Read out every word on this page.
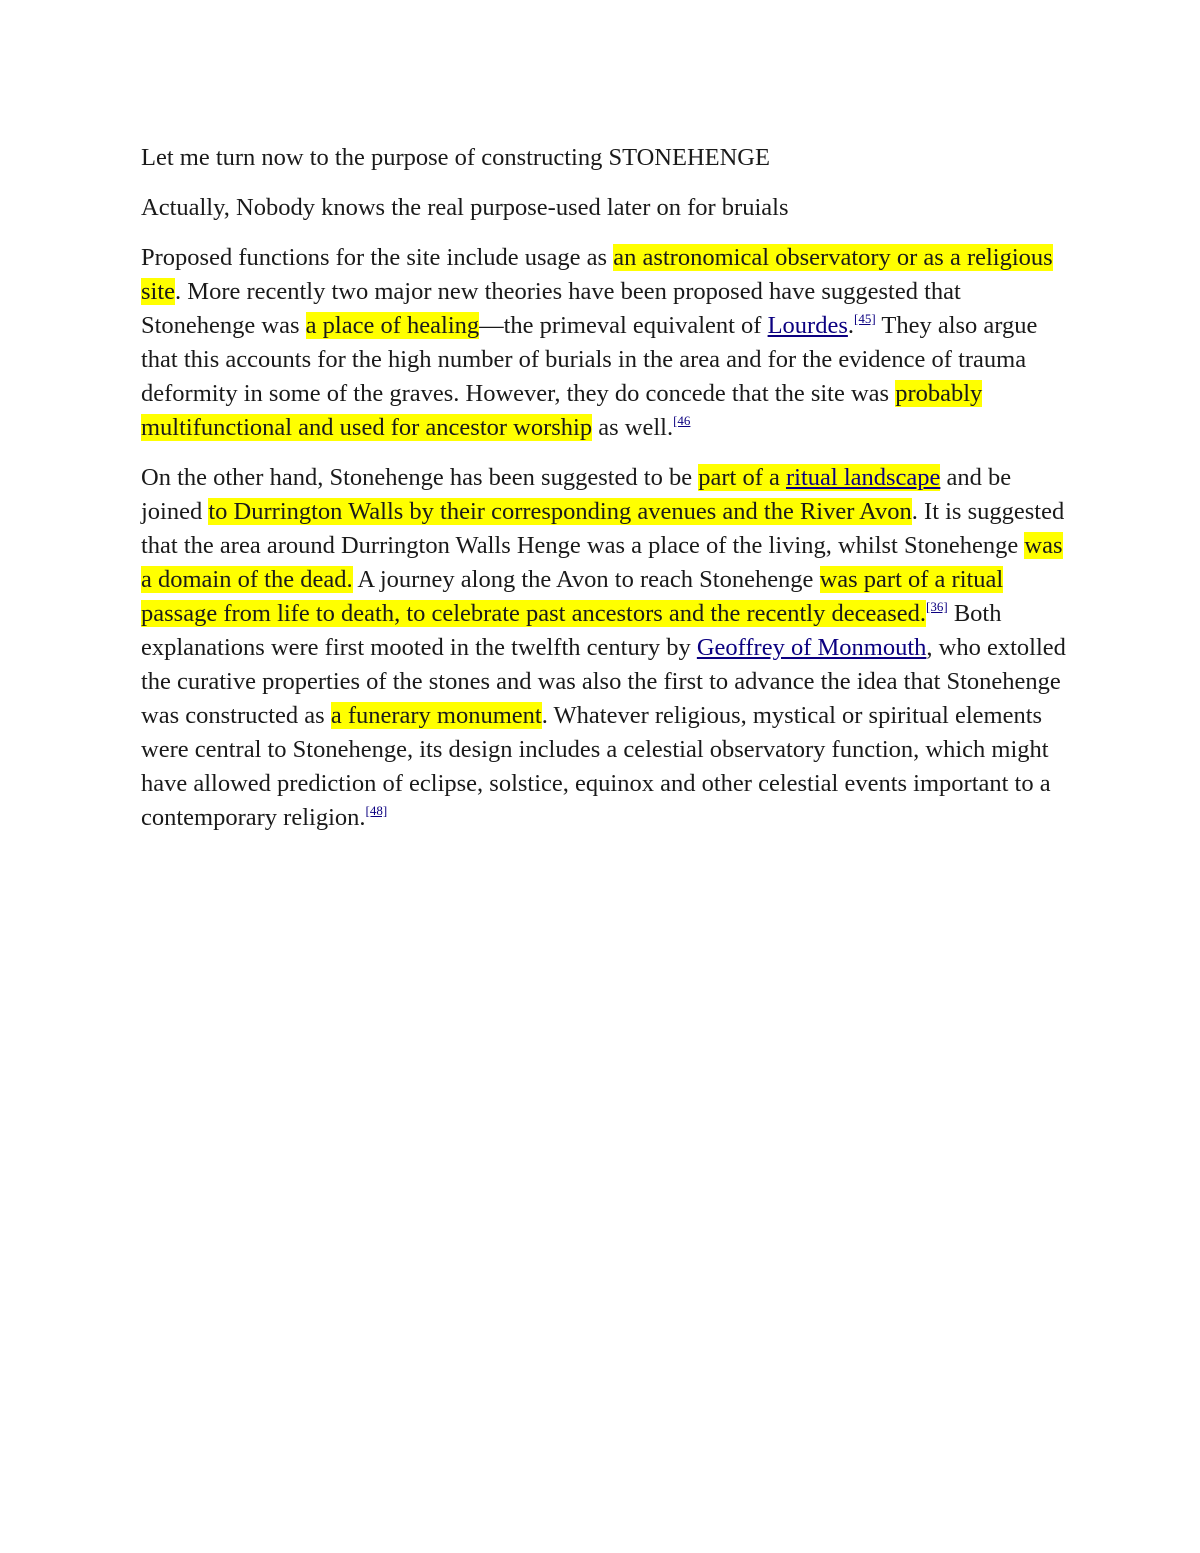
Let me turn now to the purpose of constructing STONEHENGE

Actually, Nobody knows the real purpose-used later on for bruials

Proposed functions for the site include usage as an astronomical observatory or as a religious site. More recently two major new theories have been proposed have suggested that Stonehenge was a place of healing—the primeval equivalent of Lourdes.[45] They also argue that this accounts for the high number of burials in the area and for the evidence of trauma deformity in some of the graves. However, they do concede that the site was probably multifunctional and used for ancestor worship as well.$^{[46}$

On the other hand, Stonehenge has been suggested to be part of a ritual landscape and be joined to Durrington Walls by their corresponding avenues and the River Avon. It is suggested that the area around Durrington Walls Henge was a place of the living, whilst Stonehenge was a domain of the dead. A journey along the Avon to reach Stonehenge was part of a ritual passage from life to death, to celebrate past ancestors and the recently deceased.[36] Both explanations were first mooted in the twelfth century by Geoffrey of Monmouth, who extolled the curative properties of the stones and was also the first to advance the idea that Stonehenge was constructed as a funerary monument. Whatever religious, mystical or spiritual elements were central to Stonehenge, its design includes a celestial observatory function, which might have allowed prediction of eclipse, solstice, equinox and other celestial events important to a contemporary religion.[48]
